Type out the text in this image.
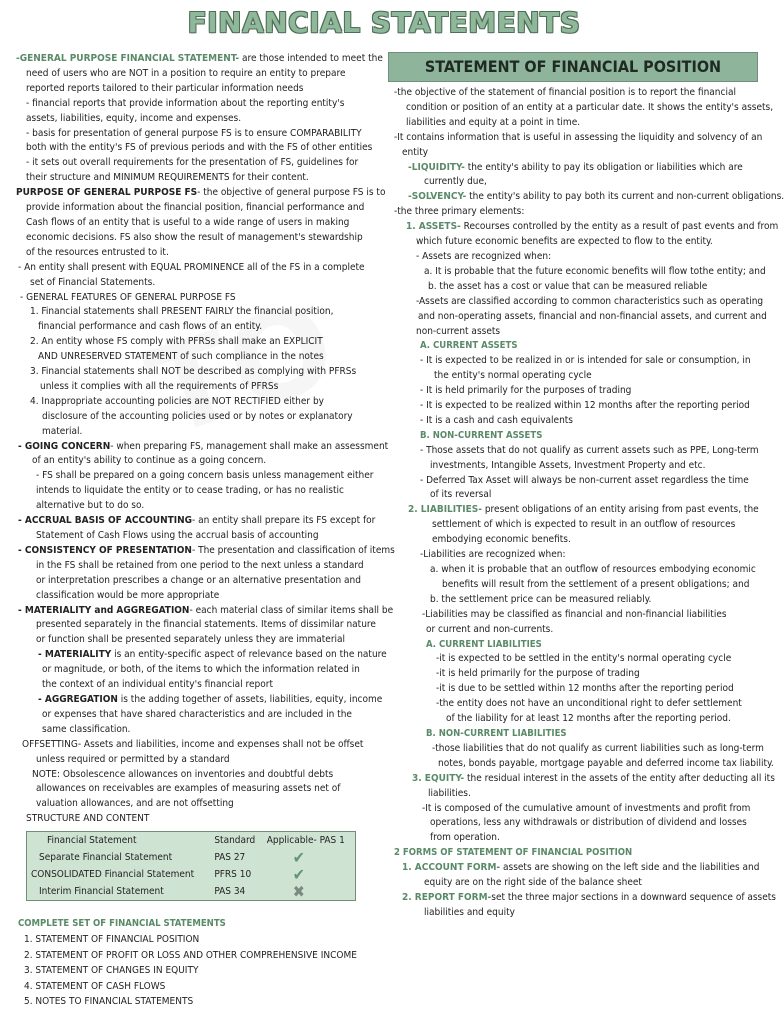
FINANCIAL STATEMENTS
-GENERAL PURPOSE FINANCIAL STATEMENT- are those intended to meet the
need of users who are NOT in a position to require an entity to prepare
reported reports tailored to their particular information needs
- financial reports that provide information about the reporting entity's
assets, liabilities, equity, income and expenses.
- basis for presentation of general purpose FS is to ensure COMPARABILITY
both with the entity's FS of previous periods and with the FS of other entities
- it sets out overall requirements for the presentation of FS, guidelines for
their structure and MINIMUM REQUIREMENTS for their content.
PURPOSE OF GENERAL PURPOSE FS- the objective of general purpose FS is to
provide information about the financial position, financial performance and
Cash flows of an entity that is useful to a wide range of users in making
economic decisions. FS also show the result of management's stewardship
of the resources entrusted to it.
- An entity shall present with EQUAL PROMINENCE all of the FS in a complete
set of Financial Statements.
- GENERAL FEATURES OF GENERAL PURPOSE FS
1. Financial statements shall PRESENT FAIRLY the financial position,
financial performance and cash flows of an entity.
2. An entity whose FS comply with PFRSs shall make an EXPLICIT
AND UNRESERVED STATEMENT of such compliance in the notes
3. Financial statements shall NOT be described as complying with PFRSs
unless it complies with all the requirements of PFRSs
4. Inappropriate accounting policies are NOT RECTIFIED either by
disclosure of the accounting policies used or by notes or explanatory
material.
- GOING CONCERN- when preparing FS, management shall make an assessment
of an entity's ability to continue as a going concern.
- FS shall be prepared on a going concern basis unless management either
intends to liquidate the entity or to cease trading, or has no realistic
alternative but to do so.
- ACCRUAL BASIS OF ACCOUNTING- an entity shall prepare its FS except for
Statement of Cash Flows using the accrual basis of accounting
- CONSISTENCY OF PRESENTATION- The presentation and classification of items
in the FS shall be retained from one period to the next unless a standard
or interpretation prescribes a change or an alternative presentation and
classification would be more appropriate
- MATERIALITY and AGGREGATION- each material class of similar items shall be
presented separately in the financial statements. Items of dissimilar nature
or function shall be presented separately unless they are immaterial
- MATERIALITY is an entity-specific aspect of relevance based on the nature
or magnitude, or both, of the items to which the information related in
the context of an individual entity's financial report
- AGGREGATION is the adding together of assets, liabilities, equity, income
or expenses that have shared characteristics and are included in the
same classification.
OFFSETTING- Assets and liabilities, income and expenses shall not be offset
unless required or permitted by a standard
NOTE: Obsolescence allowances on inventories and doubtful debts
allowances on receivables are examples of measuring assets net of
valuation allowances, and are not offsetting
STRUCTURE AND CONTENT
Financial Statement	Standard	Applicable- PAS 1
Separate Financial Statement	PAS 27	✔
CONSOLIDATED Financial Statement	PFRS 10	✔
Interim Financial Statement	PAS 34	✖
COMPLETE SET OF FINANCIAL STATEMENTS
1. STATEMENT OF FINANCIAL POSITION
2. STATEMENT OF PROFIT OR LOSS AND OTHER COMPREHENSIVE INCOME
3. STATEMENT OF CHANGES IN EQUITY
4. STATEMENT OF CASH FLOWS
5. NOTES TO FINANCIAL STATEMENTS
STATEMENT OF FINANCIAL POSITION
-the objective of the statement of financial position is to report the financial
condition or position of an entity at a particular date. It shows the entity's assets,
liabilities and equity at a point in time.
-It contains information that is useful in assessing the liquidity and solvency of an
entity
-LIQUIDITY- the entity's ability to pay its obligation or liabilities which are
currently due,
-SOLVENCY- the entity's ability to pay both its current and non-current obligations.
-the three primary elements:
1. ASSETS- Recourses controlled by the entity as a result of past events and from
which future economic benefits are expected to flow to the entity.
- Assets are recognized when:
a. It is probable that the future economic benefits will flow tothe entity; and
b. the asset has a cost or value that can be measured reliable
-Assets are classified according to common characteristics such as operating
and non-operating assets, financial and non-financial assets, and current and
non-current assets
A. CURRENT ASSETS
- It is expected to be realized in or is intended for sale or consumption, in
the entity's normal operating cycle
- It is held primarily for the purposes of trading
- It is expected to be realized within 12 months after the reporting period
- It is a cash and cash equivalents
B. NON-CURRENT ASSETS
- Those assets that do not qualify as current assets such as PPE, Long-term
investments, Intangible Assets, Investment Property and etc.
- Deferred Tax Asset will always be non-current asset regardless the time
of its reversal
2. LIABILITIES- present obligations of an entity arising from past events, the
settlement of which is expected to result in an outflow of resources
embodying economic benefits.
-Liabilities are recognized when:
a. when it is probable that an outflow of resources embodying economic
benefits will result from the settlement of a present obligations; and
b. the settlement price can be measured reliably.
-Liabilities may be classified as financial and non-financial liabilities
or current and non-currents.
A. CURRENT LIABILITIES
-it is expected to be settled in the entity's normal operating cycle
-it is held primarily for the purpose of trading
-it is due to be settled within 12 months after the reporting period
-the entity does not have an unconditional right to defer settlement
of the liability for at least 12 months after the reporting period.
B. NON-CURRENT LIABILITIES
-those liabilities that do not qualify as current liabilities such as long-term
notes, bonds payable, mortgage payable and deferred income tax liability.
3. EQUITY- the residual interest in the assets of the entity after deducting all its
liabilities.
-It is composed of the cumulative amount of investments and profit from
operations, less any withdrawals or distribution of dividend and losses
from operation.
2 FORMS OF STATEMENT OF FINANCIAL POSITION
1. ACCOUNT FORM- assets are showing on the left side and the liabilities and
equity are on the right side of the balance sheet
2. REPORT FORM-set the three major sections in a downward sequence of assets
liabilities and equity
